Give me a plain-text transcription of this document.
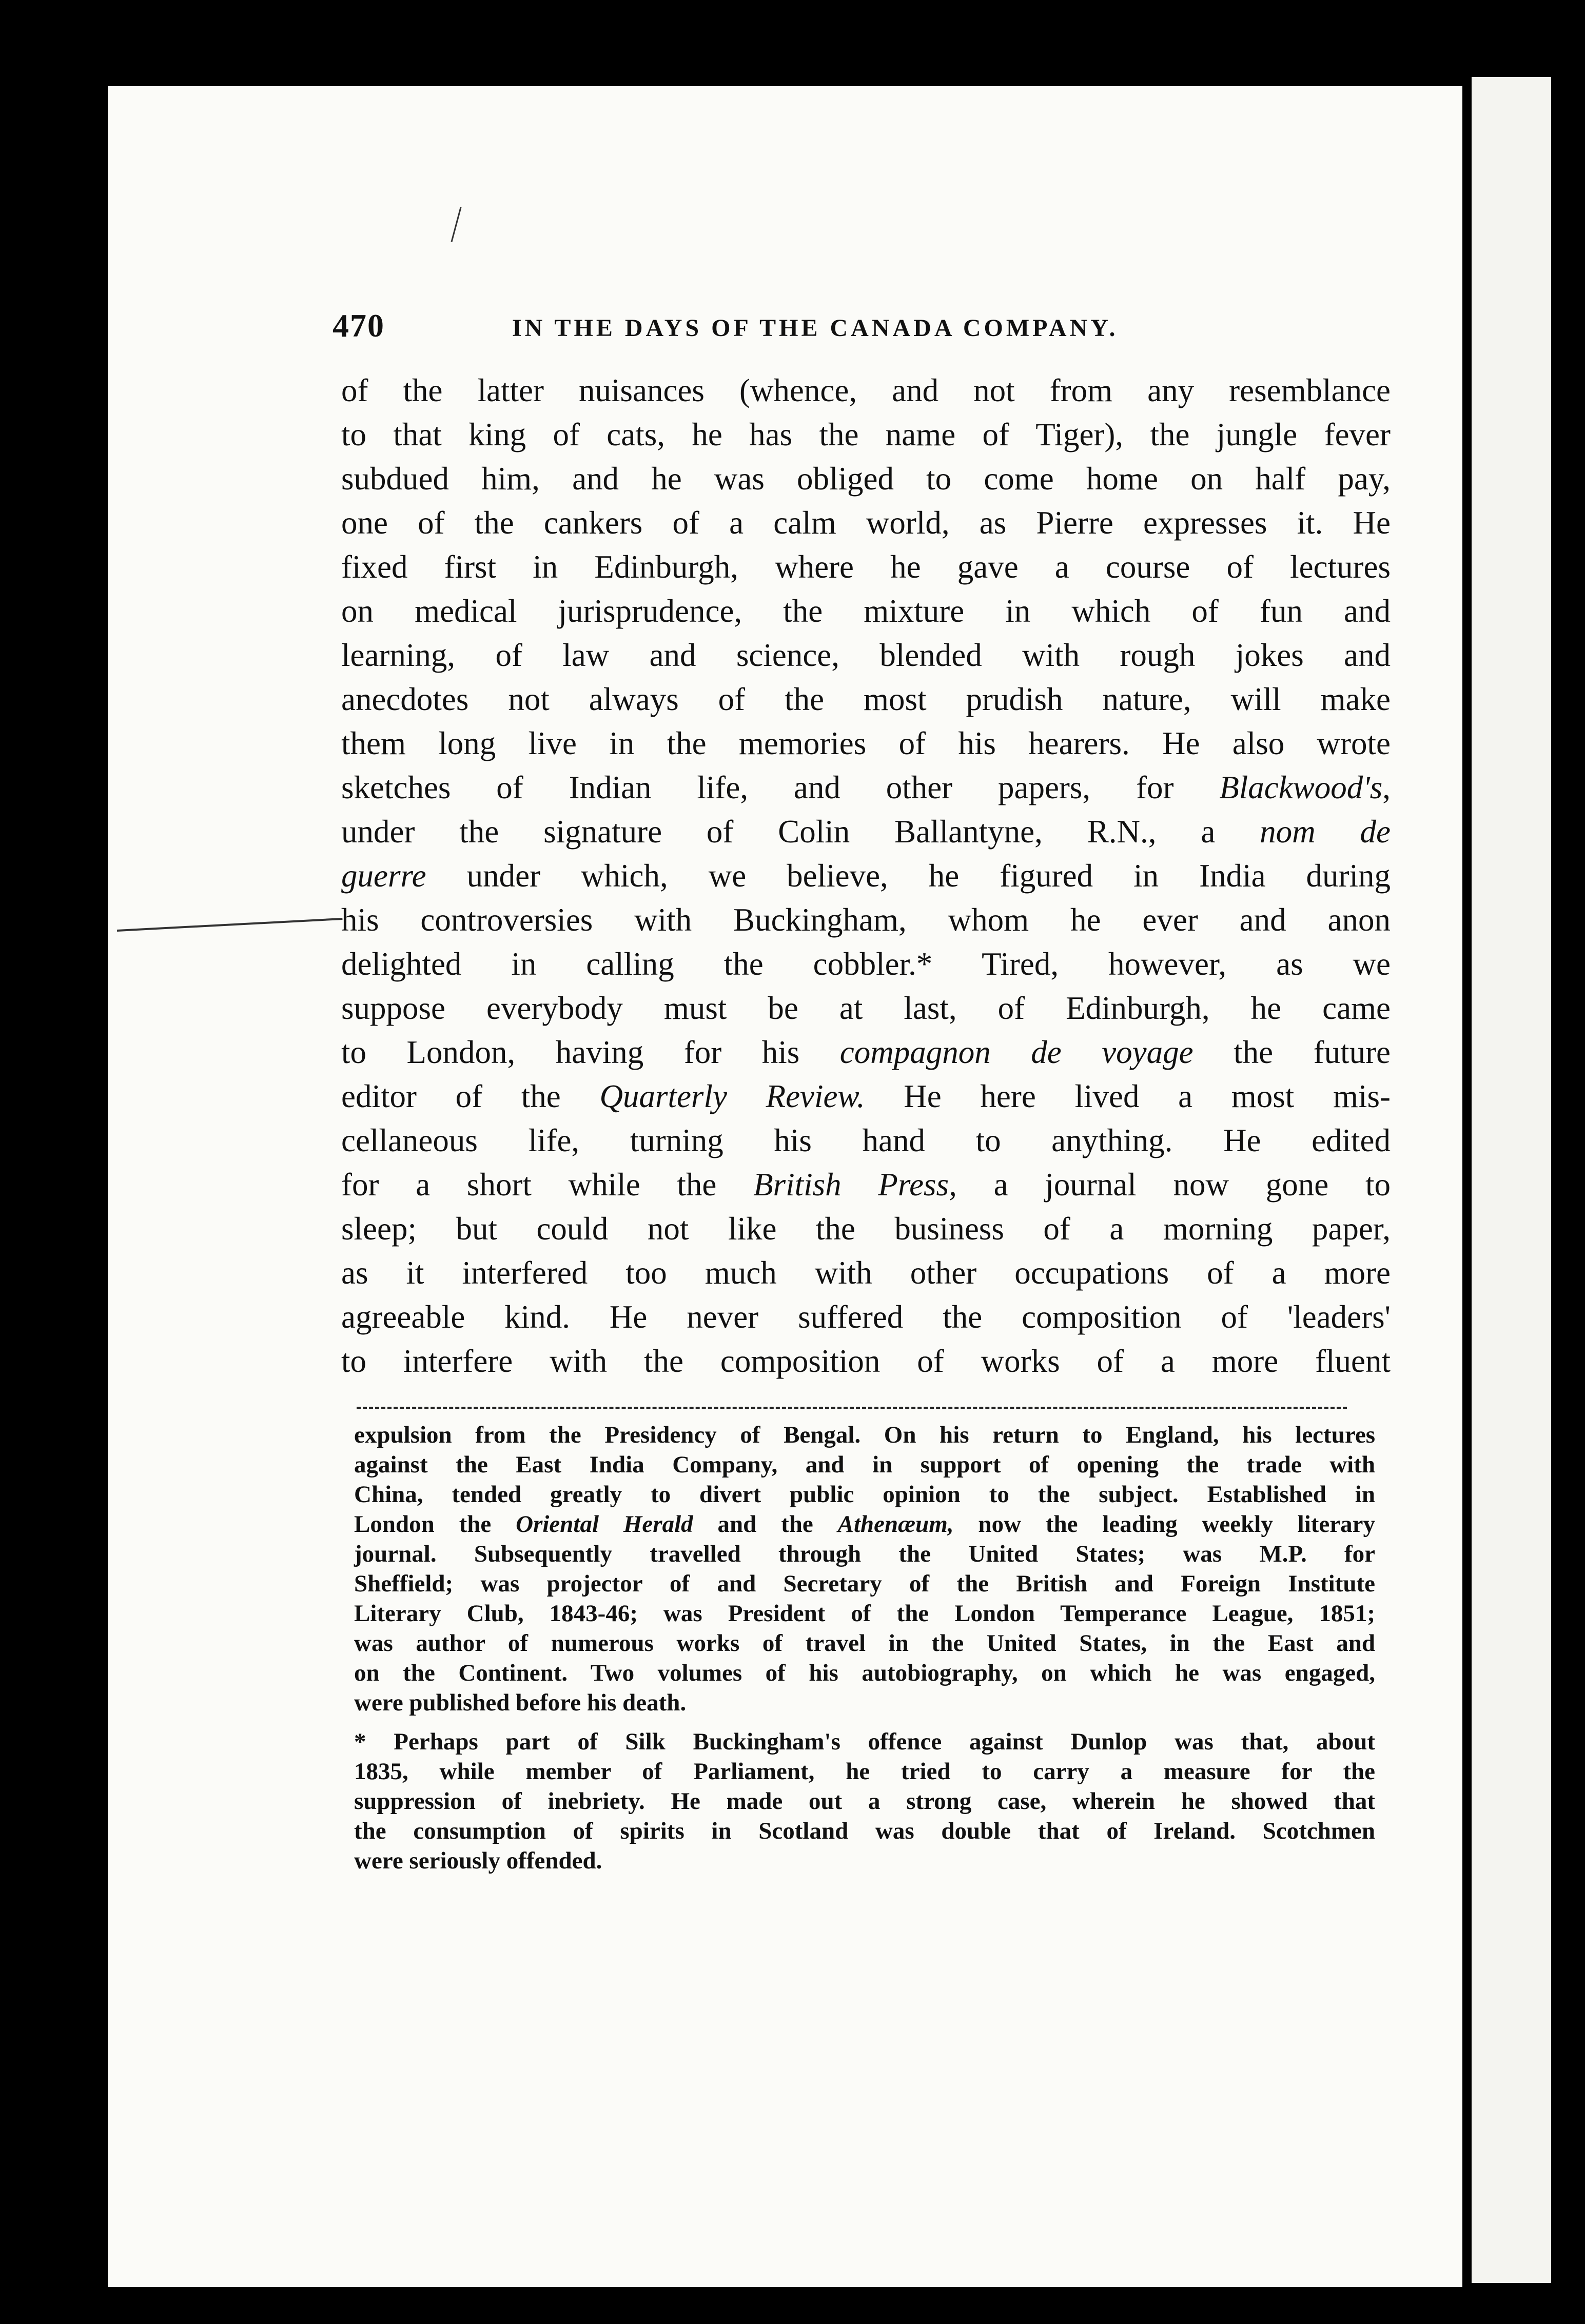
470	IN THE DAYS OF THE CANADA COMPANY.
of the latter nuisances (whence, and not from any resemblance
to that king of cats, he has the name of Tiger), the jungle fever
subdued him, and he was obliged to come home on half pay,
one of the cankers of a calm world, as Pierre expresses it. He
fixed first in Edinburgh, where he gave a course of lectures
on medical jurisprudence, the mixture in which of fun and
learning, of law and science, blended with rough jokes and
anecdotes not always of the most prudish nature, will make
them long live in the memories of his hearers. He also wrote
sketches of Indian life, and other papers, for Blackwood's,
under the signature of Colin Ballantyne, R.N., a nom de
guerre under which, we believe, he figured in India during
his controversies with Buckingham, whom he ever and anon
delighted in calling the cobbler.* Tired, however, as we
suppose everybody must be at last, of Edinburgh, he came
to London, having for his compagnon de voyage the future
editor of the Quarterly Review. He here lived a most mis-
cellaneous life, turning his hand to anything. He edited
for a short while the British Press, a journal now gone to
sleep; but could not like the business of a morning paper,
as it interfered too much with other occupations of a more
agreeable kind. He never suffered the composition of 'leaders'
to interfere with the composition of works of a more fluent
expulsion from the Presidency of Bengal. On his return to England, his lectures
against the East India Company, and in support of opening the trade with
China, tended greatly to divert public opinion to the subject. Established in
London the Oriental Herald and the Athenæum, now the leading weekly literary
journal. Subsequently travelled through the United States; was M.P. for
Sheffield; was projector of and Secretary of the British and Foreign Institute
Literary Club, 1843-46; was President of the London Temperance League, 1851;
was author of numerous works of travel in the United States, in the East and
on the Continent. Two volumes of his autobiography, on which he was engaged,
were published before his death.
* Perhaps part of Silk Buckingham's offence against Dunlop was that, about
1835, while member of Parliament, he tried to carry a measure for the
suppression of inebriety. He made out a strong case, wherein he showed that
the consumption of spirits in Scotland was double that of Ireland. Scotchmen
were seriously offended.
